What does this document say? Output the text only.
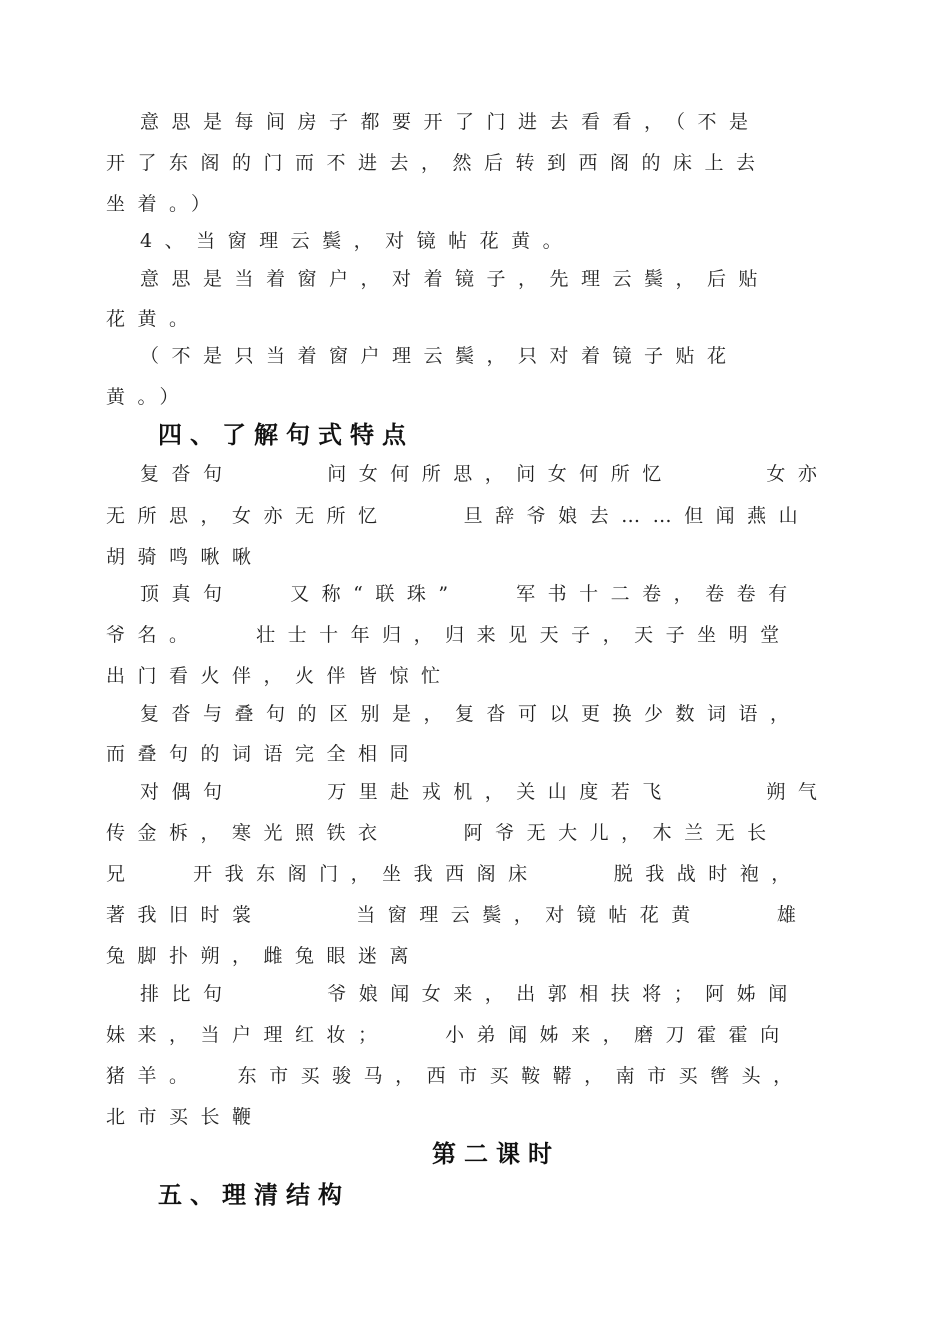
意思是每间房子都要开了门进去看看，（不是
开了东阁的门而不进去，然后转到西阁的床上去
坐着。）
4、当窗理云鬓，对镜帖花黄。
意思是当着窗户，对着镜子，先理云鬓，后贴
花黄。
（不是只当着窗户理云鬓，只对着镜子贴花
黄。）
四、了解句式特点
复沓句     问女何所思，问女何所忆     女亦
无所思，女亦无所忆    旦辞爷娘去……但闻燕山
胡骑鸣啾啾
顶真句   又称“联珠”   军书十二卷，卷卷有
爷名。   壮士十年归，归来见天子，天子坐明堂
出门看火伴，火伴皆惊忙
复沓与叠句的区别是，复沓可以更换少数词语，
而叠句的词语完全相同
对偶句     万里赴戎机，关山度若飞     朔气
传金柝，寒光照铁衣    阿爷无大儿，木兰无长
兄   开我东阁门，坐我西阁床    脱我战时袍，
著我旧时裳     当窗理云鬓，对镜帖花黄    雄
兔脚扑朔，雌兔眼迷离
排比句     爷娘闻女来，出郭相扶将；阿姊闻
妹来，当户理红妆；   小弟闻姊来，磨刀霍霍向
猪羊。  东市买骏马，西市买鞍鞯，南市买辔头，
北市买长鞭
第二课时
五、理清结构
